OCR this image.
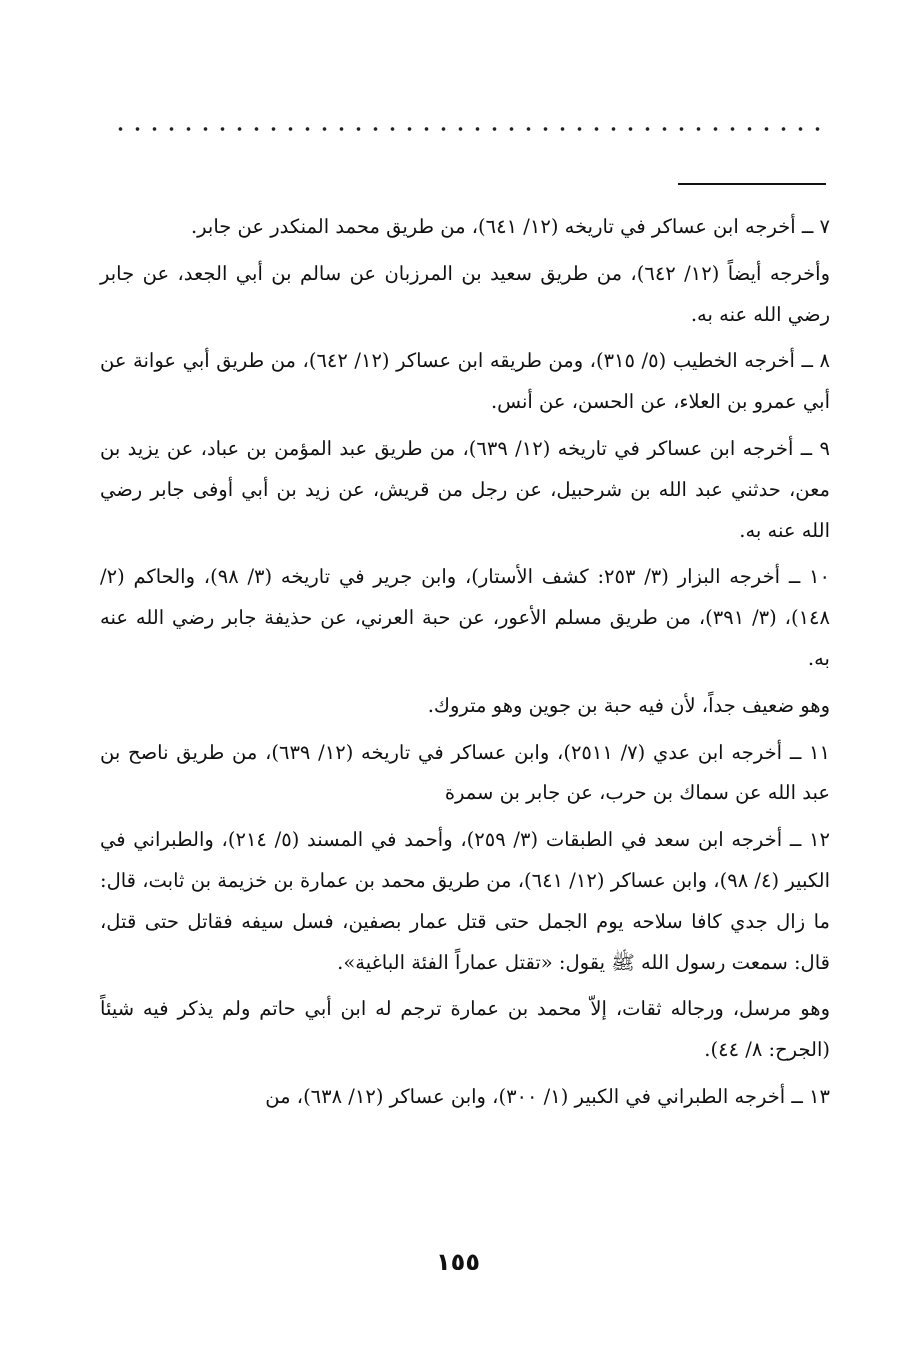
٧ ــ أخرجه ابن عساكر في تاريخه (١٢/ ٦٤١)، من طريق محمد المنكدر عن جابر.

وأخرجه أيضاً (١٢/ ٦٤٢)، من طريق سعيد بن المرزبان عن سالم بن أبي الجعد، عن جابر رضي الله عنه به.

٨ ــ أخرجه الخطيب (٥/ ٣١٥)، ومن طريقه ابن عساكر (١٢/ ٦٤٢)، من طريق أبي عوانة عن أبي عمرو بن العلاء، عن الحسن، عن أنس.

٩ ــ أخرجه ابن عساكر في تاريخه (١٢/ ٦٣٩)، من طريق عبد المؤمن بن عباد، عن يزيد بن معن، حدثني عبد الله بن شرحبيل، عن رجل من قريش، عن زيد بن أبي أوفى جابر رضي الله عنه به.

١٠ ــ أخرجه البزار (٣/ ٢٥٣: كشف الأستار)، وابن جرير في تاريخه (٣/ ٩٨)، والحاكم (٢/ ١٤٨)، (٣/ ٣٩١)، من طريق مسلم الأعور، عن حبة العرني، عن حذيفة جابر رضي الله عنه به.

وهو ضعيف جداً، لأن فيه حبة بن جوين وهو متروك.

١١ ــ أخرجه ابن عدي (٧/ ٢٥١١)، وابن عساكر في تاريخه (١٢/ ٦٣٩)، من طريق ناصح بن عبد الله عن سماك بن حرب، عن جابر بن سمرة

١٢ ــ أخرجه ابن سعد في الطبقات (٣/ ٢٥٩)، وأحمد في المسند (٥/ ٢١٤)، والطبراني في الكبير (٤/ ٩٨)، وابن عساكر (١٢/ ٦٤١)، من طريق محمد بن عمارة بن خزيمة بن ثابت، قال: ما زال جدي كافا سلاحه يوم الجمل حتى قتل عمار بصفين، فسل سيفه فقاتل حتى قتل، قال: سمعت رسول الله ﷺ يقول: «تقتل عماراً الفئة الباغية».

وهو مرسل، ورجاله ثقات، إلاّ محمد بن عمارة ترجم له ابن أبي حاتم ولم يذكر فيه شيئاً (الجرح: ٨/ ٤٤).

١٣ ــ أخرجه الطبراني في الكبير (١/ ٣٠٠)، وابن عساكر (١٢/ ٦٣٨)، من

١٥٥
